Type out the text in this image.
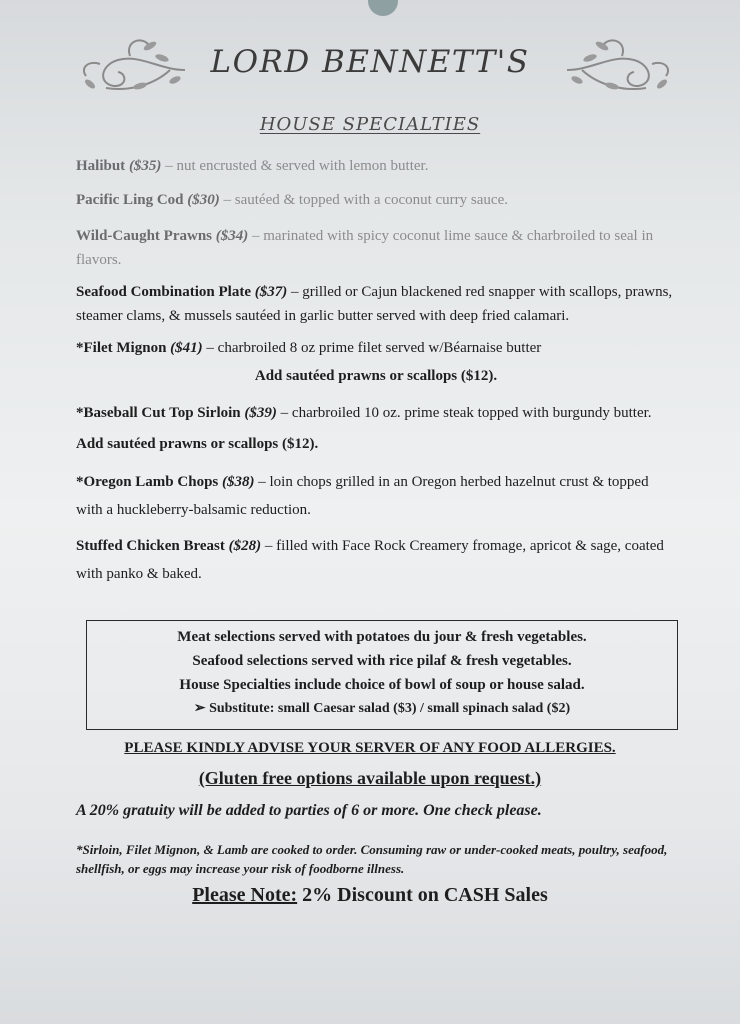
LORD BENNETT'S
HOUSE SPECIALTIES

Halibut ($35) – nut encrusted & served with lemon butter.

Pacific Ling Cod ($30) – sautéed & topped with a coconut curry sauce.

Wild-Caught Prawns ($34) – marinated with spicy coconut lime sauce & charbroiled to seal in flavors.

Seafood Combination Plate ($37) – grilled or Cajun blackened red snapper with scallops, prawns, steamer clams, & mussels sautéed in garlic butter served with deep fried calamari.

*Filet Mignon ($41) – charbroiled 8 oz prime filet served w/Béarnaise butter
Add sautéed prawns or scallops ($12).

*Baseball Cut Top Sirloin ($39) – charbroiled 10 oz. prime steak topped with burgundy butter. Add sautéed prawns or scallops ($12).

*Oregon Lamb Chops ($38) – loin chops grilled in an Oregon herbed hazelnut crust & topped with a huckleberry-balsamic reduction.

Stuffed Chicken Breast ($28) – filled with Face Rock Creamery fromage, apricot & sage, coated with panko & baked.

Meat selections served with potatoes du jour & fresh vegetables.
Seafood selections served with rice pilaf & fresh vegetables.
House Specialties include choice of bowl of soup or house salad.
➢ Substitute: small Caesar salad ($3) / small spinach salad ($2)
PLEASE KINDLY ADVISE YOUR SERVER OF ANY FOOD ALLERGIES.
(Gluten free options available upon request.)
A 20% gratuity will be added to parties of 6 or more. One check please.
*Sirloin, Filet Mignon, & Lamb are cooked to order. Consuming raw or under-cooked meats, poultry, seafood, shellfish, or eggs may increase your risk of foodborne illness.
Please Note: 2% Discount on CASH Sales
